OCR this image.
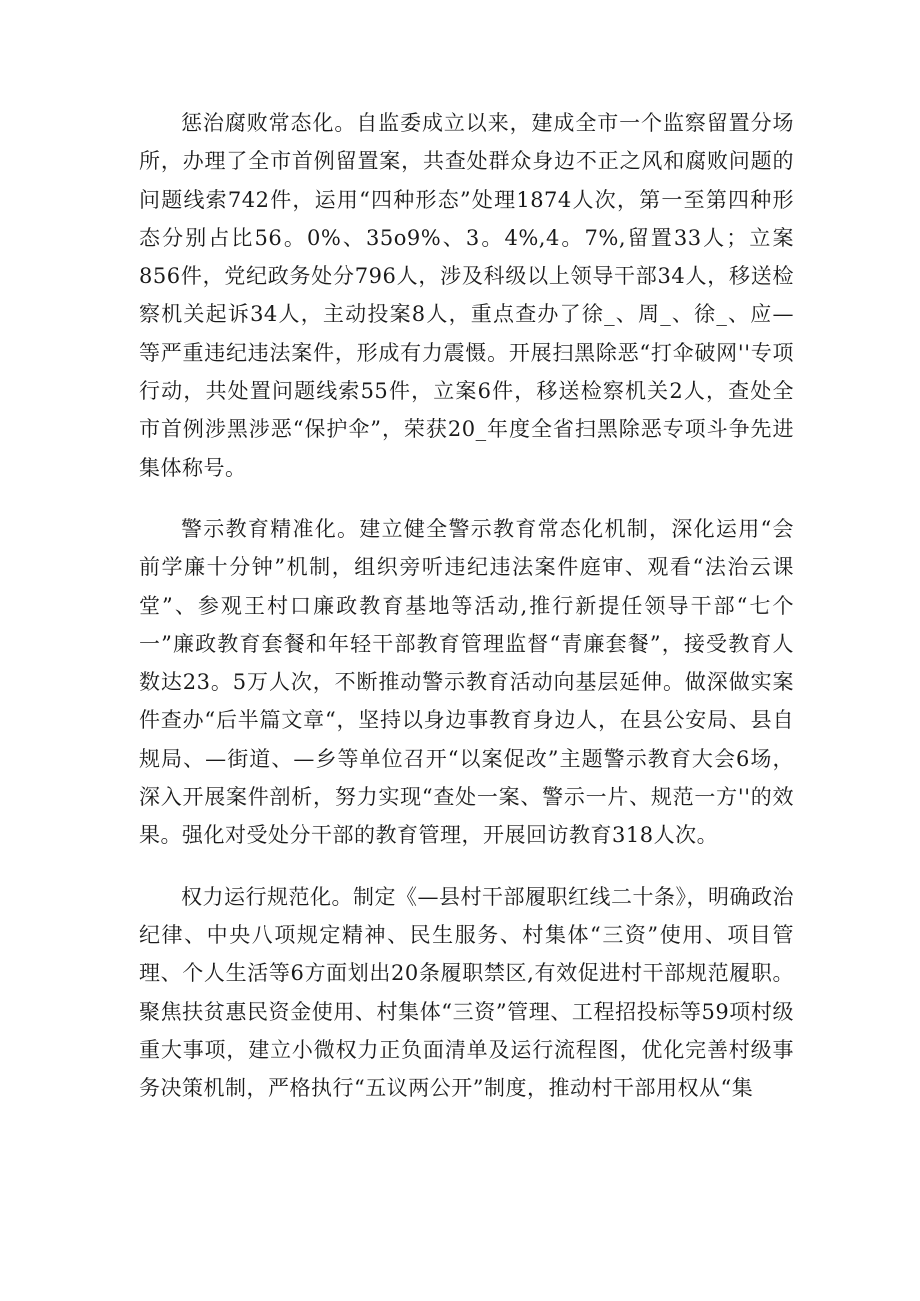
惩治腐败常态化。自监委成立以来，建成全市一个监察留置分场所，办理了全市首例留置案，共查处群众身边不正之风和腐败问题的问题线索742件，运用“四种形态”处理1874人次，第一至第四种形态分别占比56。0%、35o9%、3。4%,4。7%,留置33人；立案856件，党纪政务处分796人，涉及科级以上领导干部34人，移送检察机关起诉34人，主动投案8人，重点查办了徐_、周_、徐_、应—等严重违纪违法案件，形成有力震慑。开展扫黑除恶“打伞破网''专项行动，共处置问题线索55件，立案6件，移送检察机关2人，查处全市首例涉黑涉恶“保护伞”，荣获20_年度全省扫黑除恶专项斗争先进集体称号。

警示教育精准化。建立健全警示教育常态化机制，深化运用“会前学廉十分钟”机制，组织旁听违纪违法案件庭审、观看“法治云课堂”、参观王村口廉政教育基地等活动,推行新提任领导干部“七个一”廉政教育套餐和年轻干部教育管理监督“青廉套餐”，接受教育人数达23。5万人次，不断推动警示教育活动向基层延伸。做深做实案件查办“后半篇文章“，坚持以身边事教育身边人，在县公安局、县自规局、—街道、—乡等单位召开“以案促改”主题警示教育大会6场，深入开展案件剖析，努力实现“查处一案、警示一片、规范一方''的效果。强化对受处分干部的教育管理，开展回访教育318人次。

权力运行规范化。制定《—县村干部履职红线二十条》，明确政治纪律、中央八项规定精神、民生服务、村集体“三资”使用、项目管理、个人生活等6方面划出20条履职禁区,有效促进村干部规范履职。聚焦扶贫惠民资金使用、村集体“三资”管理、工程招投标等59项村级重大事项，建立小微权力正负面清单及运行流程图，优化完善村级事务决策机制，严格执行“五议两公开”制度，推动村干部用权从“集
